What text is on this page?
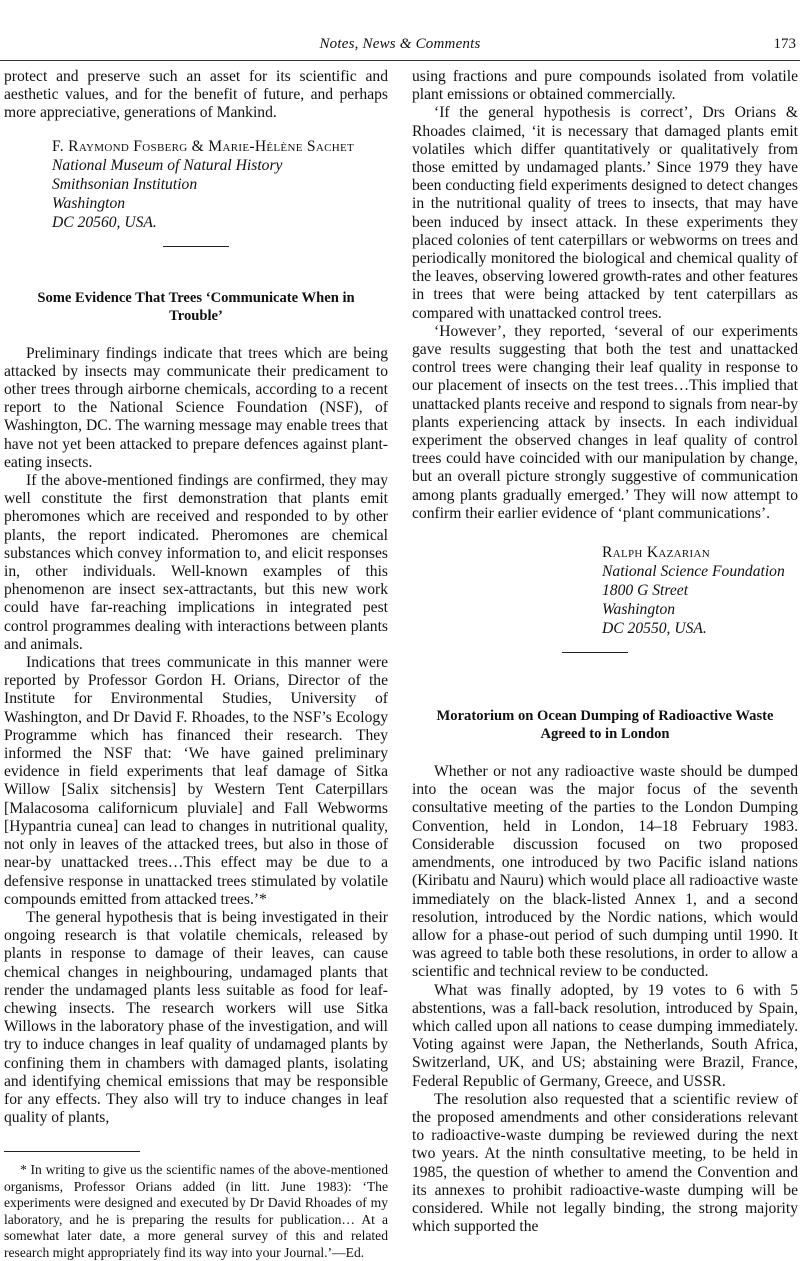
Notes, News & Comments	173

protect and preserve such an asset for its scientific and aesthetic values, and for the benefit of future, and perhaps more appreciative, generations of Mankind.

F. Raymond Fosberg & Marie-Hélène Sachet
National Museum of Natural History
Smithsonian Institution
Washington
DC 20560, USA.
Some Evidence That Trees ‘Communicate When in Trouble’

Preliminary findings indicate that trees which are being attacked by insects may communicate their predicament to other trees through airborne chemicals, according to a recent report to the National Science Foundation (NSF), of Washington, DC. The warning message may enable trees that have not yet been attacked to prepare defences against plant-eating insects.

If the above-mentioned findings are confirmed, they may well constitute the first demonstration that plants emit pheromones which are received and responded to by other plants, the report indicated. Pheromones are chemical substances which convey information to, and elicit responses in, other individuals. Well-known examples of this phenomenon are insect sex-attractants, but this new work could have far-reaching implications in integrated pest control programmes dealing with interactions between plants and animals.

Indications that trees communicate in this manner were reported by Professor Gordon H. Orians, Director of the Institute for Environmental Studies, University of Washington, and Dr David F. Rhoades, to the NSF’s Ecology Programme which has financed their research. They informed the NSF that: ‘We have gained preliminary evidence in field experiments that leaf damage of Sitka Willow [Salix sitchensis] by Western Tent Caterpillars [Malacosoma californicum pluviale] and Fall Webworms [Hypantria cunea] can lead to changes in nutritional quality, not only in leaves of the attacked trees, but also in those of near-by unattacked trees…This effect may be due to a defensive response in unattacked trees stimulated by volatile compounds emitted from attacked trees.’*

The general hypothesis that is being investigated in their ongoing research is that volatile chemicals, released by plants in response to damage of their leaves, can cause chemical changes in neighbouring, undamaged plants that render the undamaged plants less suitable as food for leaf-chewing insects. The research workers will use Sitka Willows in the laboratory phase of the investigation, and will try to induce changes in leaf quality of undamaged plants by confining them in chambers with damaged plants, isolating and identifying chemical emissions that may be responsible for any effects. They also will try to induce changes in leaf quality of plants,

* In writing to give us the scientific names of the above-mentioned organisms, Professor Orians added (in litt. June 1983): ‘The experiments were designed and executed by Dr David Rhoades of my laboratory, and he is preparing the results for publication… At a somewhat later date, a more general survey of this and related research might appropriately find its way into your Journal.’—Ed.

using fractions and pure compounds isolated from volatile plant emissions or obtained commercially.

‘If the general hypothesis is correct’, Drs Orians & Rhoades claimed, ‘it is necessary that damaged plants emit volatiles which differ quantitatively or qualitatively from those emitted by undamaged plants.’ Since 1979 they have been conducting field experiments designed to detect changes in the nutritional quality of trees to insects, that may have been induced by insect attack. In these experiments they placed colonies of tent caterpillars or webworms on trees and periodically monitored the biological and chemical quality of the leaves, observing lowered growth-rates and other features in trees that were being attacked by tent caterpillars as compared with unattacked control trees.

‘However’, they reported, ‘several of our experiments gave results suggesting that both the test and unattacked control trees were changing their leaf quality in response to our placement of insects on the test trees…This implied that unattacked plants receive and respond to signals from near-by plants experiencing attack by insects. In each individual experiment the observed changes in leaf quality of control trees could have coincided with our manipulation by change, but an overall picture strongly suggestive of communication among plants gradually emerged.’ They will now attempt to confirm their earlier evidence of ‘plant communications’.

Ralph Kazarian
National Science Foundation
1800 G Street
Washington
DC 20550, USA.
Moratorium on Ocean Dumping of Radioactive Waste Agreed to in London

Whether or not any radioactive waste should be dumped into the ocean was the major focus of the seventh consultative meeting of the parties to the London Dumping Convention, held in London, 14–18 February 1983. Considerable discussion focused on two proposed amendments, one introduced by two Pacific island nations (Kiribatu and Nauru) which would place all radioactive waste immediately on the black-listed Annex 1, and a second resolution, introduced by the Nordic nations, which would allow for a phase-out period of such dumping until 1990. It was agreed to table both these resolutions, in order to allow a scientific and technical review to be conducted.

What was finally adopted, by 19 votes to 6 with 5 abstentions, was a fall-back resolution, introduced by Spain, which called upon all nations to cease dumping immediately. Voting against were Japan, the Netherlands, South Africa, Switzerland, UK, and US; abstaining were Brazil, France, Federal Republic of Germany, Greece, and USSR.

The resolution also requested that a scientific review of the proposed amendments and other considerations relevant to radioactive-waste dumping be reviewed during the next two years. At the ninth consultative meeting, to be held in 1985, the question of whether to amend the Convention and its annexes to prohibit radioactive-waste dumping will be considered. While not legally binding, the strong majority which supported the
